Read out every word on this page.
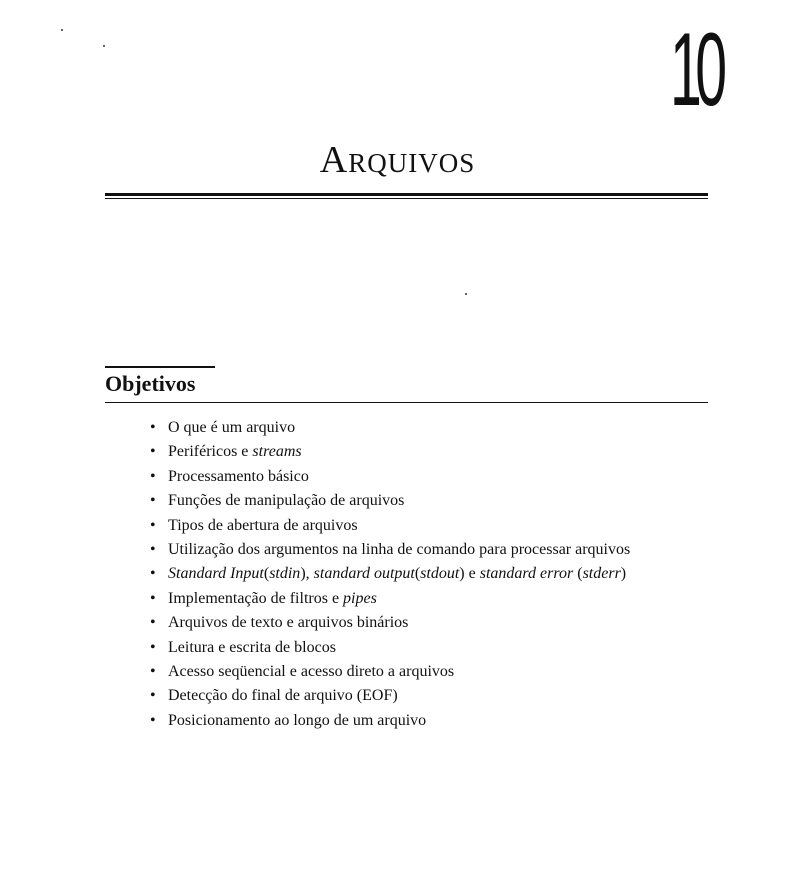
10
Arquivos
Objetivos
• O que é um arquivo
• Periféricos e streams
• Processamento básico
• Funções de manipulação de arquivos
• Tipos de abertura de arquivos
• Utilização dos argumentos na linha de comando para processar arquivos
• Standard Input(stdin), standard output(stdout) e standard error (stderr)
• Implementação de filtros e pipes
• Arquivos de texto e arquivos binários
• Leitura e escrita de blocos
• Acesso seqüencial e acesso direto a arquivos
• Detecção do final de arquivo (EOF)
• Posicionamento ao longo de um arquivo
